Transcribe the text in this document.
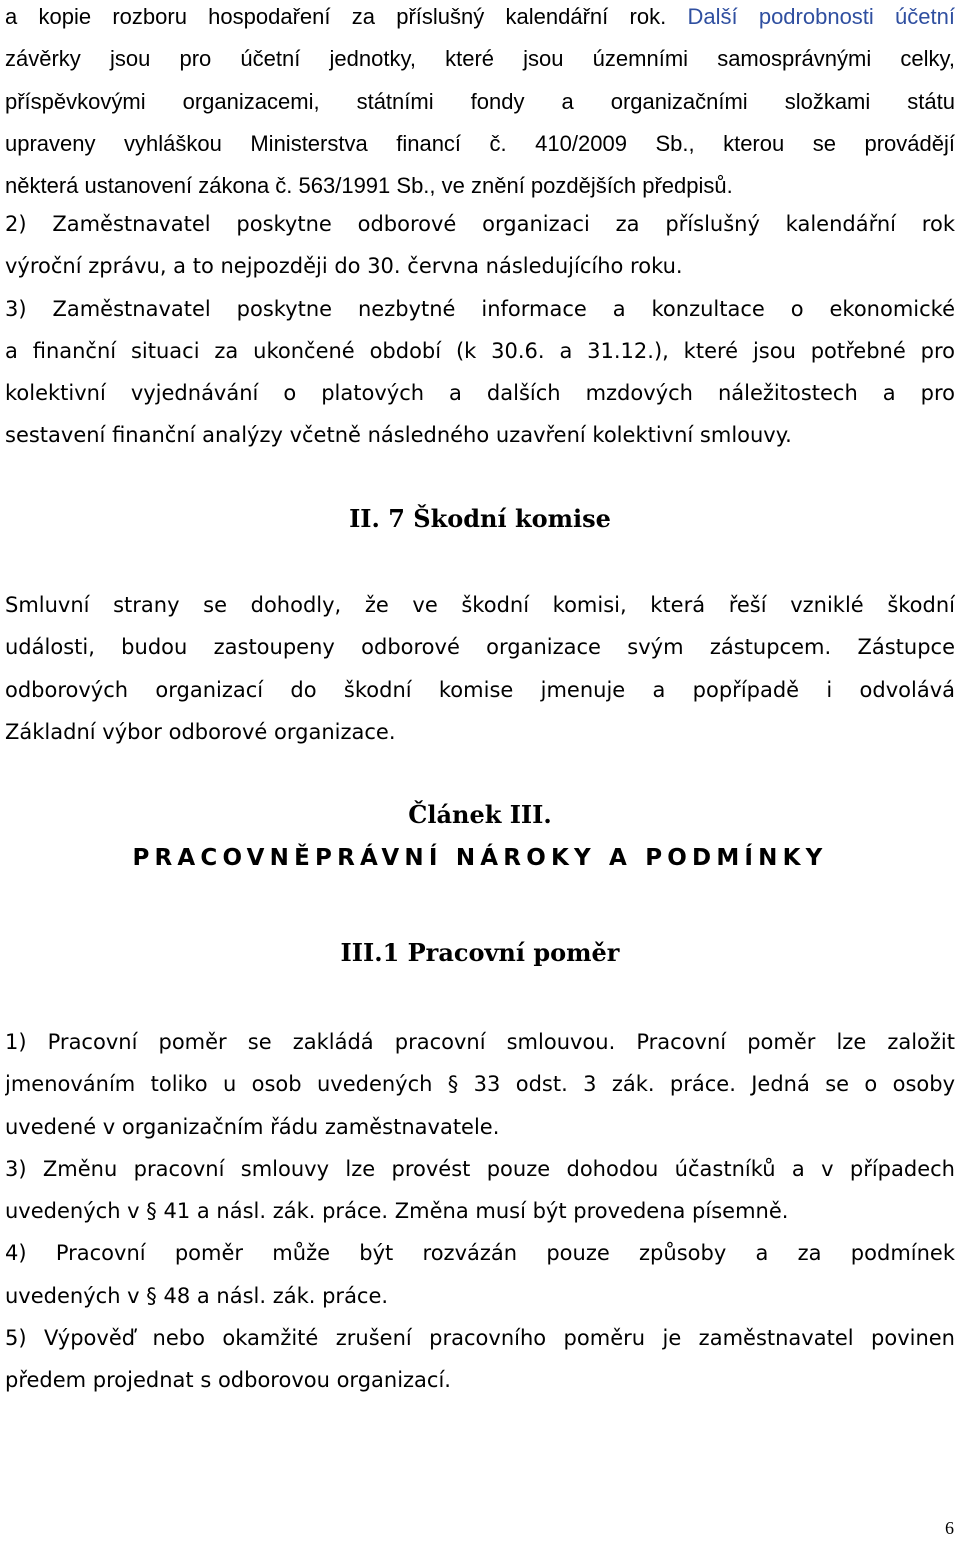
a kopie rozboru hospodaření za příslušný kalendářní rok. Další podrobnosti účetní
závěrky jsou pro účetní jednotky, které jsou územními samosprávnými celky,
příspěvkovými organizacemi, státními fondy a organizačními složkami státu
upraveny vyhláškou Ministerstva financí č. 410/2009 Sb., kterou se provádějí
některá ustanovení zákona č. 563/1991 Sb., ve znění pozdějších předpisů.
2) Zaměstnavatel poskytne odborové organizaci za příslušný kalendářní rok
výroční zprávu, a to nejpozději do 30. června následujícího roku.
3) Zaměstnavatel poskytne nezbytné informace a konzultace o ekonomické
a finanční situaci za ukončené období (k 30.6. a 31.12.), které jsou potřebné pro
kolektivní vyjednávání o platových a dalších mzdových náležitostech a pro
sestavení finanční analýzy včetně následného uzavření kolektivní smlouvy.
II. 7 Škodní komise
Smluvní strany se dohodly, že ve škodní komisi, která řeší vzniklé škodní
události, budou zastoupeny odborové organizace svým zástupcem. Zástupce
odborových organizací do škodní komise jmenuje a popřípadě i odvolává
Základní výbor odborové organizace.
Článek III.
PRACOVNĚPRÁVNÍ NÁROKY A PODMÍNKY
III.1 Pracovní poměr
1) Pracovní poměr se zakládá pracovní smlouvou. Pracovní poměr lze založit
jmenováním toliko u osob uvedených § 33 odst. 3 zák. práce. Jedná se o osoby
uvedené v organizačním řádu zaměstnavatele.
3) Změnu pracovní smlouvy lze provést pouze dohodou účastníků a v případech
uvedených v § 41 a násl. zák. práce. Změna musí být provedena písemně.
4) Pracovní poměr může být rozvázán pouze způsoby a za podmínek
uvedených v § 48 a násl. zák. práce.
5) Výpověď nebo okamžité zrušení pracovního poměru je zaměstnavatel povinen
předem projednat s odborovou organizací.
6
